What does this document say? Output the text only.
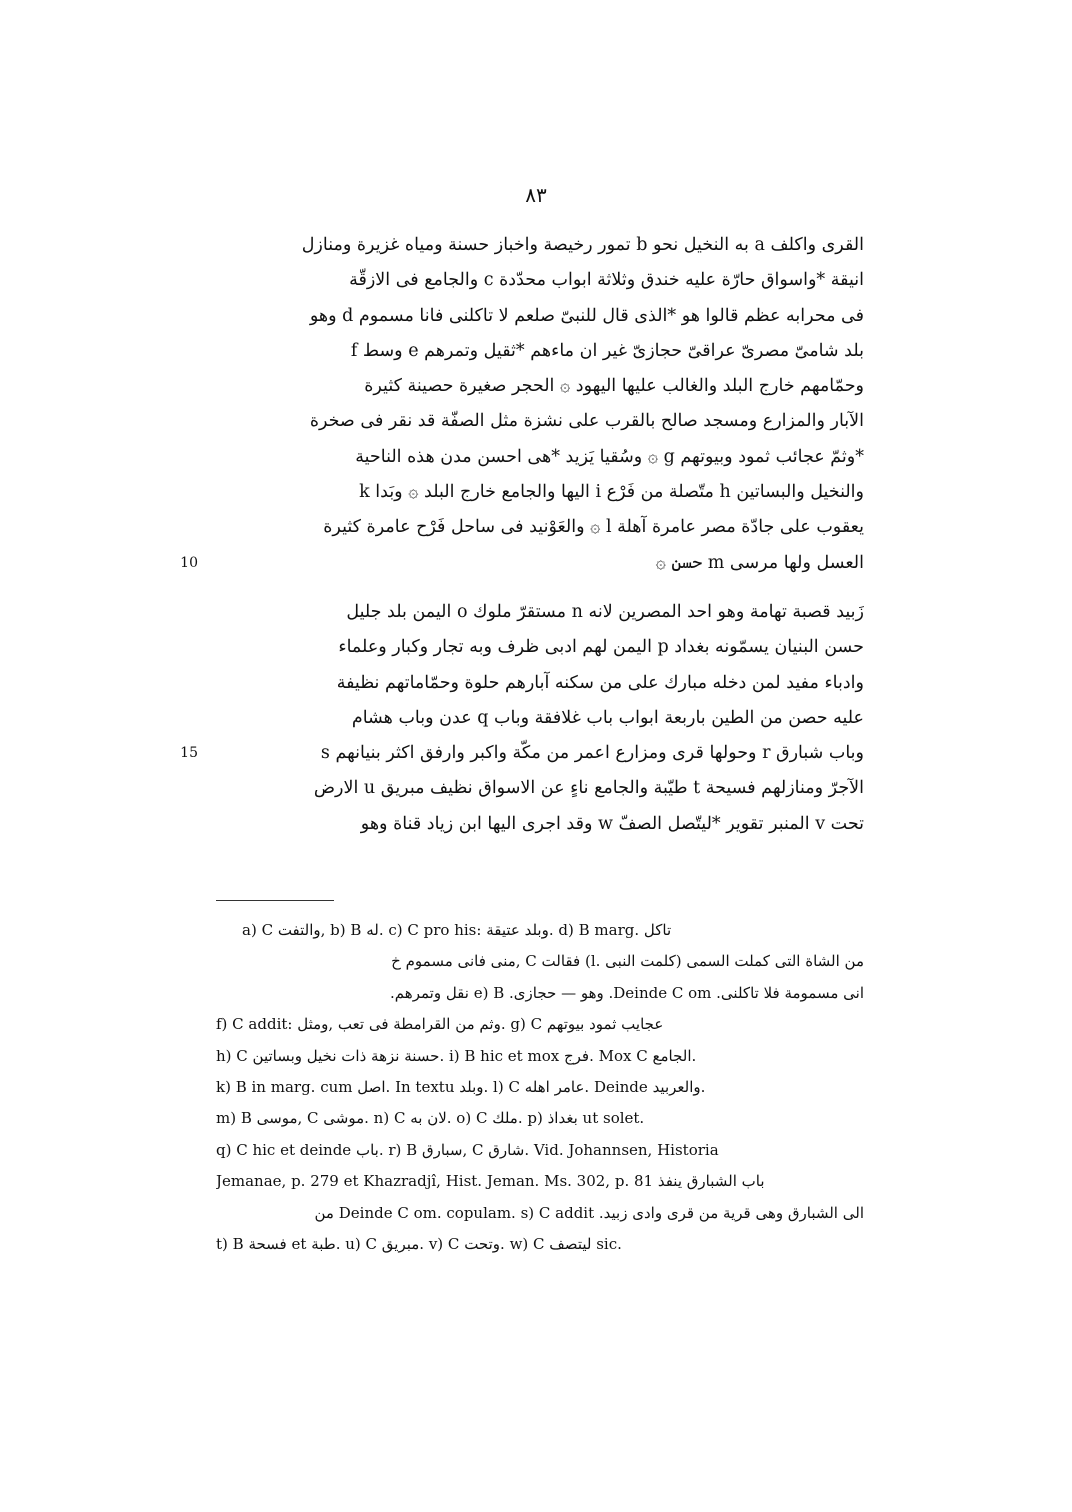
٨٣
القرى واكلف a به النخيل نحو b تمور رخيصة واخباز حسنة ومياه غزيرة ومنازل
انيقة *واسواق حارّة عليه خندق وثلاثة ابواب محدّدة c والجامع فى الازقّة
فى محرابه عظم قالوا هو *الذى قال للنبىّ صلعم لا تاكلنى فانا مسموم d وهو
بلد شامىّ مصرىّ عراقىّ حجازىّ غير ان ماءهم *ثقيل وتمرهم e وسط f
وحمّامهم خارج البلد والغالب عليها اليهود ۞ الحجر صغيرة حصينة كثيرة
الآبار والمزارع ومسجد صالح بالقرب على نشزة مثل الصفّة قد نقر فى صخرة
*وثمّ عجائب ثمود وبيوتهم g ۞ وسُقيا يَزيد *هى احسن مدن هذه الناحية
والنخيل والبساتين h متّصلة من فَرْع i اليها والجامع خارج البلد ۞ وبَدا k
يعقوب على جادّة مصر عامرة آهلة l ۞ والعَوْنيد فى ساحل فَرْح عامرة كثيرة
10	العسل ولها مرسى m حسن ۞
زَبيد قصبة تهامة وهو احد المصرين لانه n مستقرّ ملوك o اليمن بلد جليل
حسن البنيان يسمّونه بغداد p اليمن لهم ادبى ظرف وبه تجار وكبار وعلماء
وادباء مفيد لمن دخله مبارك على من سكنه آبارهم حلوة وحمّاماتهم نظيفة
عليه حصن من الطين باربعة ابواب باب غلافقة وباب q عدن وباب هشام
15	وباب شبارق r وحولها قرى ومزارع اعمر من مكّة واكبر وارفق اكثر بنيانهم s
الآجرّ ومنازلهم فسيحة t طيّبة والجامع ناءٍ عن الاسواق نظيف مبريق u الارض
تحت v المنبر تقوير *ليتّصل الصفّ w وقد اجرى اليها ابن زياد قناة وهو
a) C والتفت, b) B له. c) C pro his: وبلد عتيقة. d) B marg. تاكل
من الشاة التى كملت السمى (كلمت النبى .l) فقالت C ,منى فانى مسموم خ
انى مسمومة فلا تاكلنى. Deinde C om. وهو — حجازى. e) B نقل وتمرهم.
f) C addit: وثم من القرامطة فى تعب ,ومثل. g) C عجايب ثمود بيوتهم
h) C حسنة نزهة ذات نخيل وبساتين. i) B hic et mox فرج. Mox C الجامع.
k) B in marg. cum اصل. In textu وبلد. l) C عامر اهله. Deinde والعربيد.
m) B موسى, C موشى. n) C لان به. o) C ملك. p) بغداذ ut solet.
q) C hic et deinde باب. r) B سبارق, C شارق. Vid. Johannsen, Historia
Jemanae, p. 279 et Khazradjî, Hist. Jeman. Ms. 302, p. 81 باب الشبارق ينفذ
الى الشبارق وهى قرية من قرى وادى زبيد. Deinde C om. copulam. s) C addit من
t) B فسحة et طبة. u) C مبريق. v) C وتحت. w) C ليتصف sic.
